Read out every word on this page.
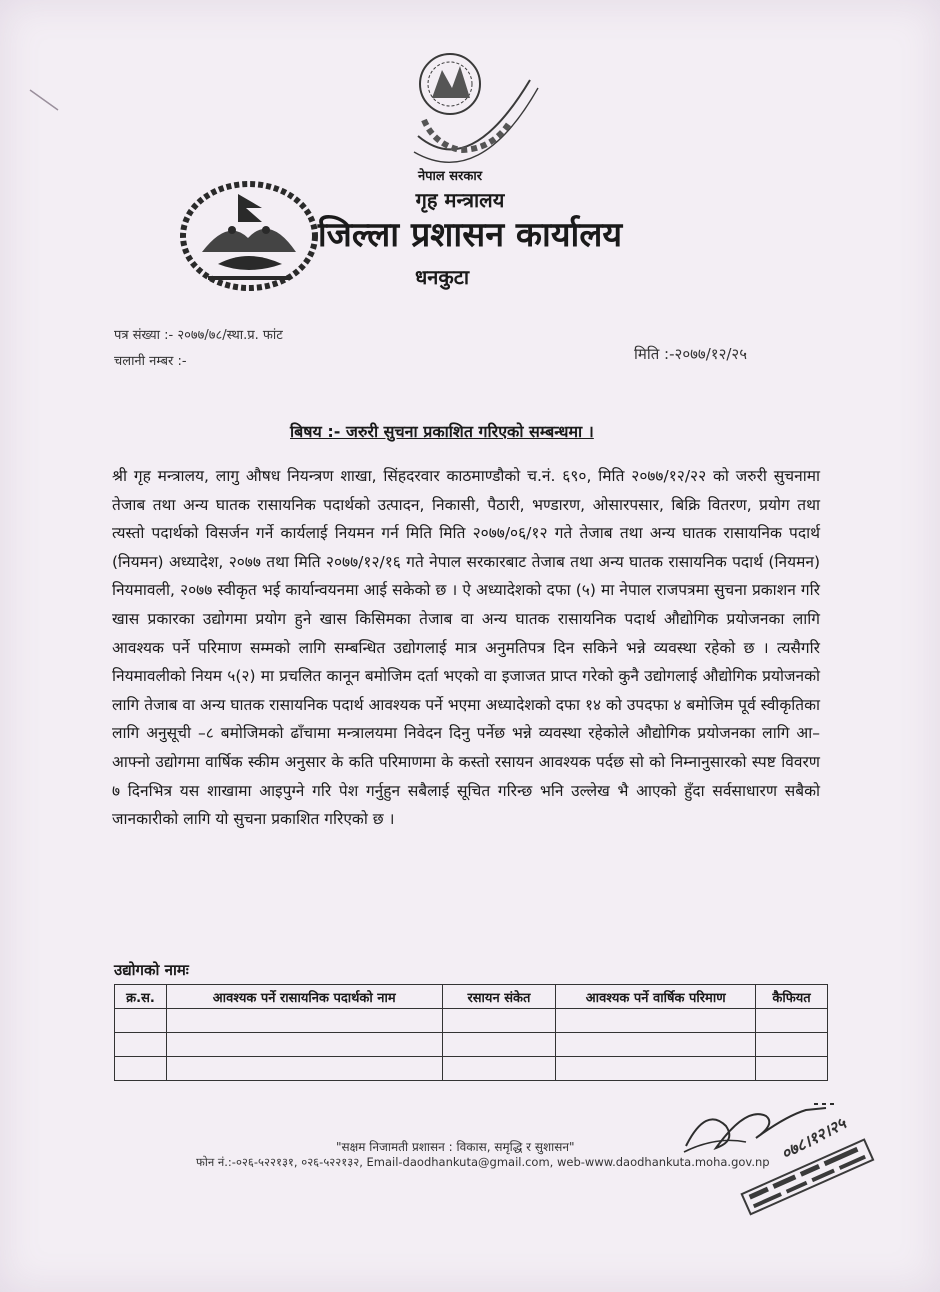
नेपाल सरकार
गृह मन्त्रालय
जिल्ला प्रशासन कार्यालय
धनकुटा
पत्र संख्या :- २०७७/७८/स्था.प्र. फांट
चलानी नम्बर :-	मिति :-२०७७/१२/२५
बिषय :- जरुरी सुचना प्रकाशित गरिएको सम्बन्धमा ।
श्री गृह मन्त्रालय, लागु औषध नियन्त्रण शाखा, सिंहदरवार काठमाण्डौको च.नं. ६९०, मिति २०७७/१२/२२ को जरुरी सुचनामा तेजाब तथा अन्य घातक रासायनिक पदार्थको उत्पादन, निकासी, पैठारी, भण्डारण, ओसारपसार, बिक्रि वितरण, प्रयोग तथा त्यस्तो पदार्थको विसर्जन गर्ने कार्यलाई नियमन गर्न मिति मिति २०७७/०६/१२ गते तेजाब तथा अन्य घातक रासायनिक पदार्थ (नियमन) अध्यादेश, २०७७ तथा मिति २०७७/१२/१६ गते नेपाल सरकारबाट तेजाब तथा अन्य घातक रासायनिक पदार्थ (नियमन) नियमावली, २०७७ स्वीकृत भई कार्यान्वयनमा आई सकेको छ । ऐ अध्यादेशको दफा (५) मा नेपाल राजपत्रमा सुचना प्रकाशन गरि खास प्रकारका उद्योगमा प्रयोग हुने खास किसिमका तेजाब वा अन्य घातक रासायनिक पदार्थ औद्योगिक प्रयोजनका लागि आवश्यक पर्ने परिमाण सम्मको लागि सम्बन्धित उद्योगलाई मात्र अनुमतिपत्र दिन सकिने भन्ने व्यवस्था रहेको छ । त्यसैगरि नियमावलीको नियम ५(२) मा प्रचलित कानून बमोजिम दर्ता भएको वा इजाजत प्राप्त गरेको कुनै उद्योगलाई औद्योगिक प्रयोजनको लागि तेजाब वा अन्य घातक रासायनिक पदार्थ आवश्यक पर्ने भएमा अध्यादेशको दफा १४ को उपदफा ४ बमोजिम पूर्व स्वीकृतिका लागि अनुसूची –८ बमोजिमको ढाँचामा मन्त्रालयमा निवेदन दिनु पर्नेछ भन्ने व्यवस्था रहेकोले औद्योगिक प्रयोजनका लागि आ–आफ्नो उद्योगमा वार्षिक स्कीम अनुसार के कति परिमाणमा के कस्तो रसायन आवश्यक पर्दछ सो को निम्नानुसारको स्पष्ट विवरण ७ दिनभित्र यस शाखामा आइपुग्ने गरि पेश गर्नुहुन सबैलाई सूचित गरिन्छ भनि उल्लेख भै आएको हुँदा सर्वसाधारण सबैको जानकारीको लागि यो सुचना प्रकाशित गरिएको छ ।
उद्योगको नामः
क्र.स.	आवश्यक पर्ने रासायनिक पदार्थको नाम	रसायन संकेत	आवश्यक पर्ने वार्षिक परिमाण	कैफियत

"सक्षम निजामती प्रशासन : विकास, समृद्धि र सुशासन"
फोन नं.:-०२६-५२२१३१, ०२६-५२२१३२, Email-daodhankuta@gmail.com, web-www.daodhankuta.moha.gov.np ०७८।१२।२५
